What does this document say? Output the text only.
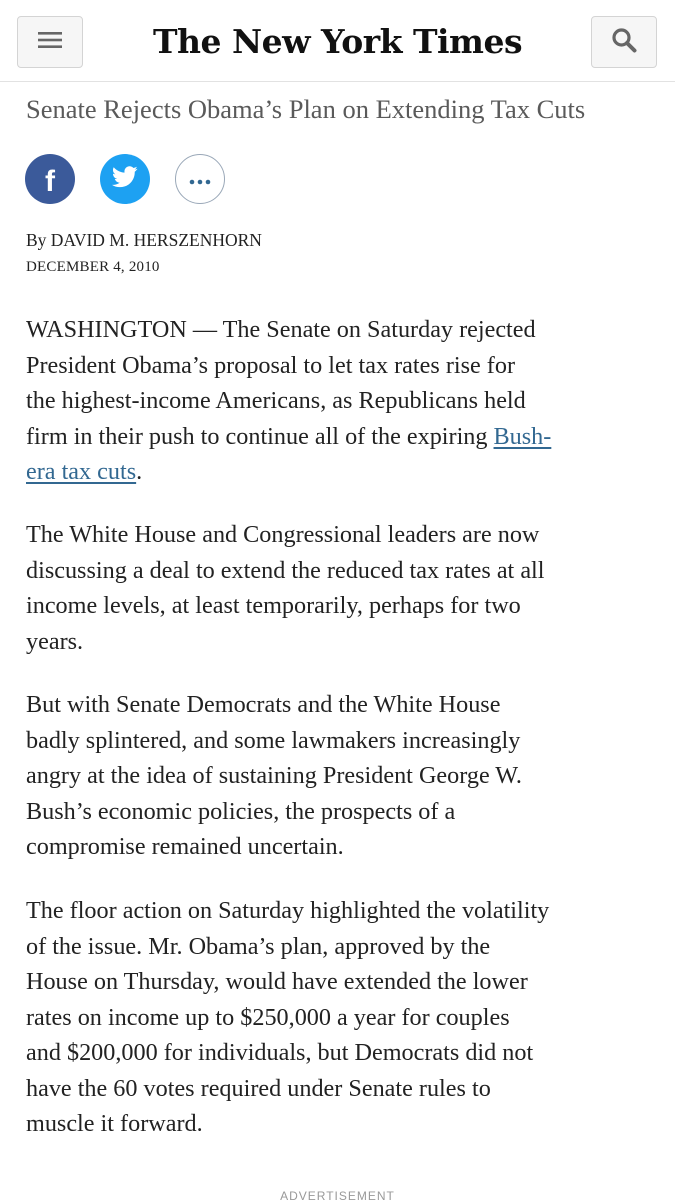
The New York Times
Senate Rejects Obama’s Plan on Extending Tax Cuts
f
By DAVID M. HERSZENHORN
DECEMBER 4, 2010

WASHINGTON — The Senate on Saturday rejected
President Obama’s proposal to let tax rates rise for
the highest-income Americans, as Republicans held
firm in their push to continue all of the expiring Bush-
era tax cuts.

The White House and Congressional leaders are now
discussing a deal to extend the reduced tax rates at all
income levels, at least temporarily, perhaps for two
years.

But with Senate Democrats and the White House
badly splintered, and some lawmakers increasingly
angry at the idea of sustaining President George W.
Bush’s economic policies, the prospects of a
compromise remained uncertain.

The floor action on Saturday highlighted the volatility
of the issue. Mr. Obama’s plan, approved by the
House on Thursday, would have extended the lower
rates on income up to $250,000 a year for couples
and $200,000 for individuals, but Democrats did not
have the 60 votes required under Senate rules to
muscle it forward.

ADVERTISEMENT
